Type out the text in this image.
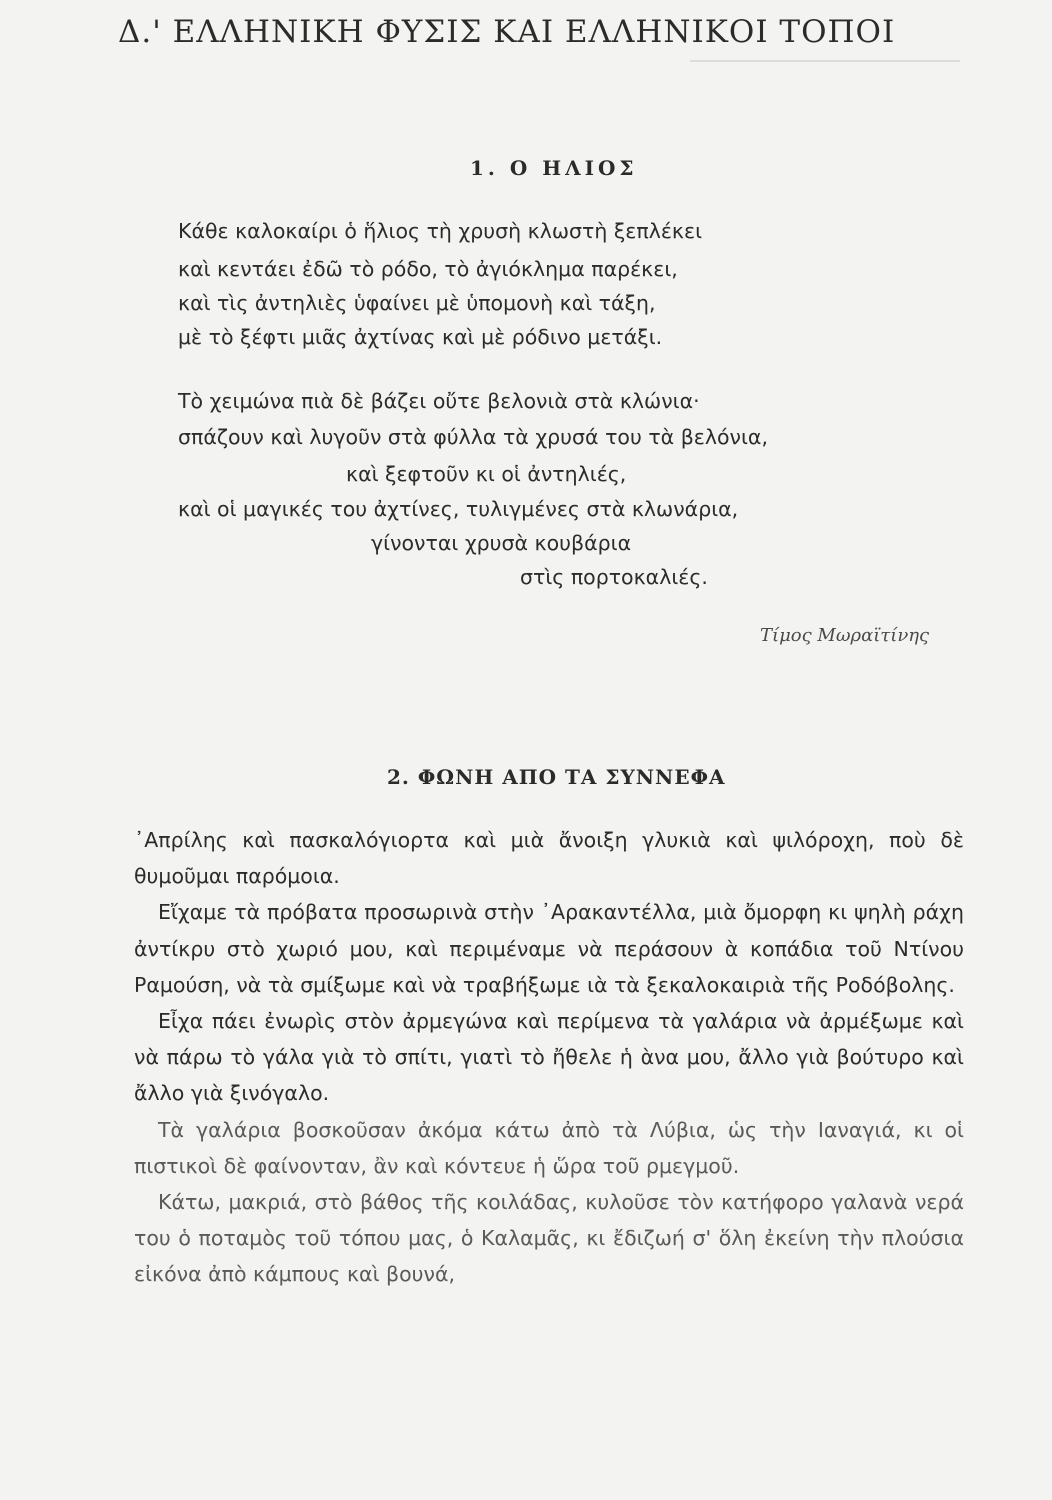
Δ.' ΕΛΛΗΝΙΚΗ ΦΥΣΙΣ ΚΑΙ ΕΛΛΗΝΙΚΟΙ ΤΟΠΟΙ
1. Ο ΗΛΙΟΣ
Κάθε καλοκαίρι ὁ ἥλιος τὴ χρυσὴ κλωστὴ ξεπλέκει
καὶ κεντάει ἐδῶ τὸ ρόδο, τὸ ἀγιόκλημα παρέκει,
καὶ τὶς ἀντηλιὲς ὑφαίνει μὲ ὑπομονὴ καὶ τάξη,
μὲ τὸ ξέφτι μιᾶς ἀχτίνας καὶ μὲ ρόδινο μετάξι.
Τὸ χειμώνα πιὰ δὲ βάζει οὔτε βελονιὰ στὰ κλώνια·
σπάζουν καὶ λυγοῦν στὰ φύλλα τὰ χρυσά του τὰ βελόνια,
καὶ ξεφτοῦν κι οἱ ἀντηλιές,
καὶ οἱ μαγικές του ἀχτίνες, τυλιγμένες στὰ κλωνάρια,
γίνονται χρυσὰ κουβάρια
στὶς πορτοκαλιές.
Τίμος Μωραϊτίνης
2. ΦΩΝΗ ΑΠΟ ΤΑ ΣΥΝΝΕΦΑ

᾿Απρίλης καὶ πασκαλόγιορτα καὶ μιὰ ἄνοιξη γλυκιὰ καὶ ψιλόροχη, ποὺ δὲ θυμοῦμαι παρόμοια.

Εἴχαμε τὰ πρόβατα προσωρινὰ στὴν ᾿Αρακαντέλλα, μιὰ ὄμορφη κι ψηλὴ ράχη ἀντίκρυ στὸ χωριό μου, καὶ περιμέναμε νὰ περάσουν ὰ κοπάδια τοῦ Ντίνου Ραμούση, νὰ τὰ σμίξωμε καὶ νὰ τραβήξωμε ιὰ τὰ ξεκαλοκαιριὰ τῆς Ροδόβολης.

Εἶχα πάει ἐνωρὶς στὸν ἀρμεγώνα καὶ περίμενα τὰ γαλάρια νὰ ἀρμέξωμε καὶ νὰ πάρω τὸ γάλα γιὰ τὸ σπίτι, γιατὶ τὸ ἤθελε ἡ ὰνα μου, ἄλλο γιὰ βούτυρο καὶ ἄλλο γιὰ ξινόγαλο.

Τὰ γαλάρια βοσκοῦσαν ἀκόμα κάτω ἀπὸ τὰ Λύβια, ὡς τὴν Ιαναγιά, κι οἱ πιστικοὶ δὲ φαίνονταν, ἂν καὶ κόντευε ἡ ὥρα τοῦ ρμεγμοῦ.

Κάτω, μακριά, στὸ βάθος τῆς κοιλάδας, κυλοῦσε τὸν κατήφορο γαλανὰ νερά του ὁ ποταμὸς τοῦ τόπου μας, ὁ Καλαμᾶς, κι ἔδιζωή σ' ὅλη ἐκείνη τὴν πλούσια εἰκόνα ἀπὸ κάμπους καὶ βουνά,
